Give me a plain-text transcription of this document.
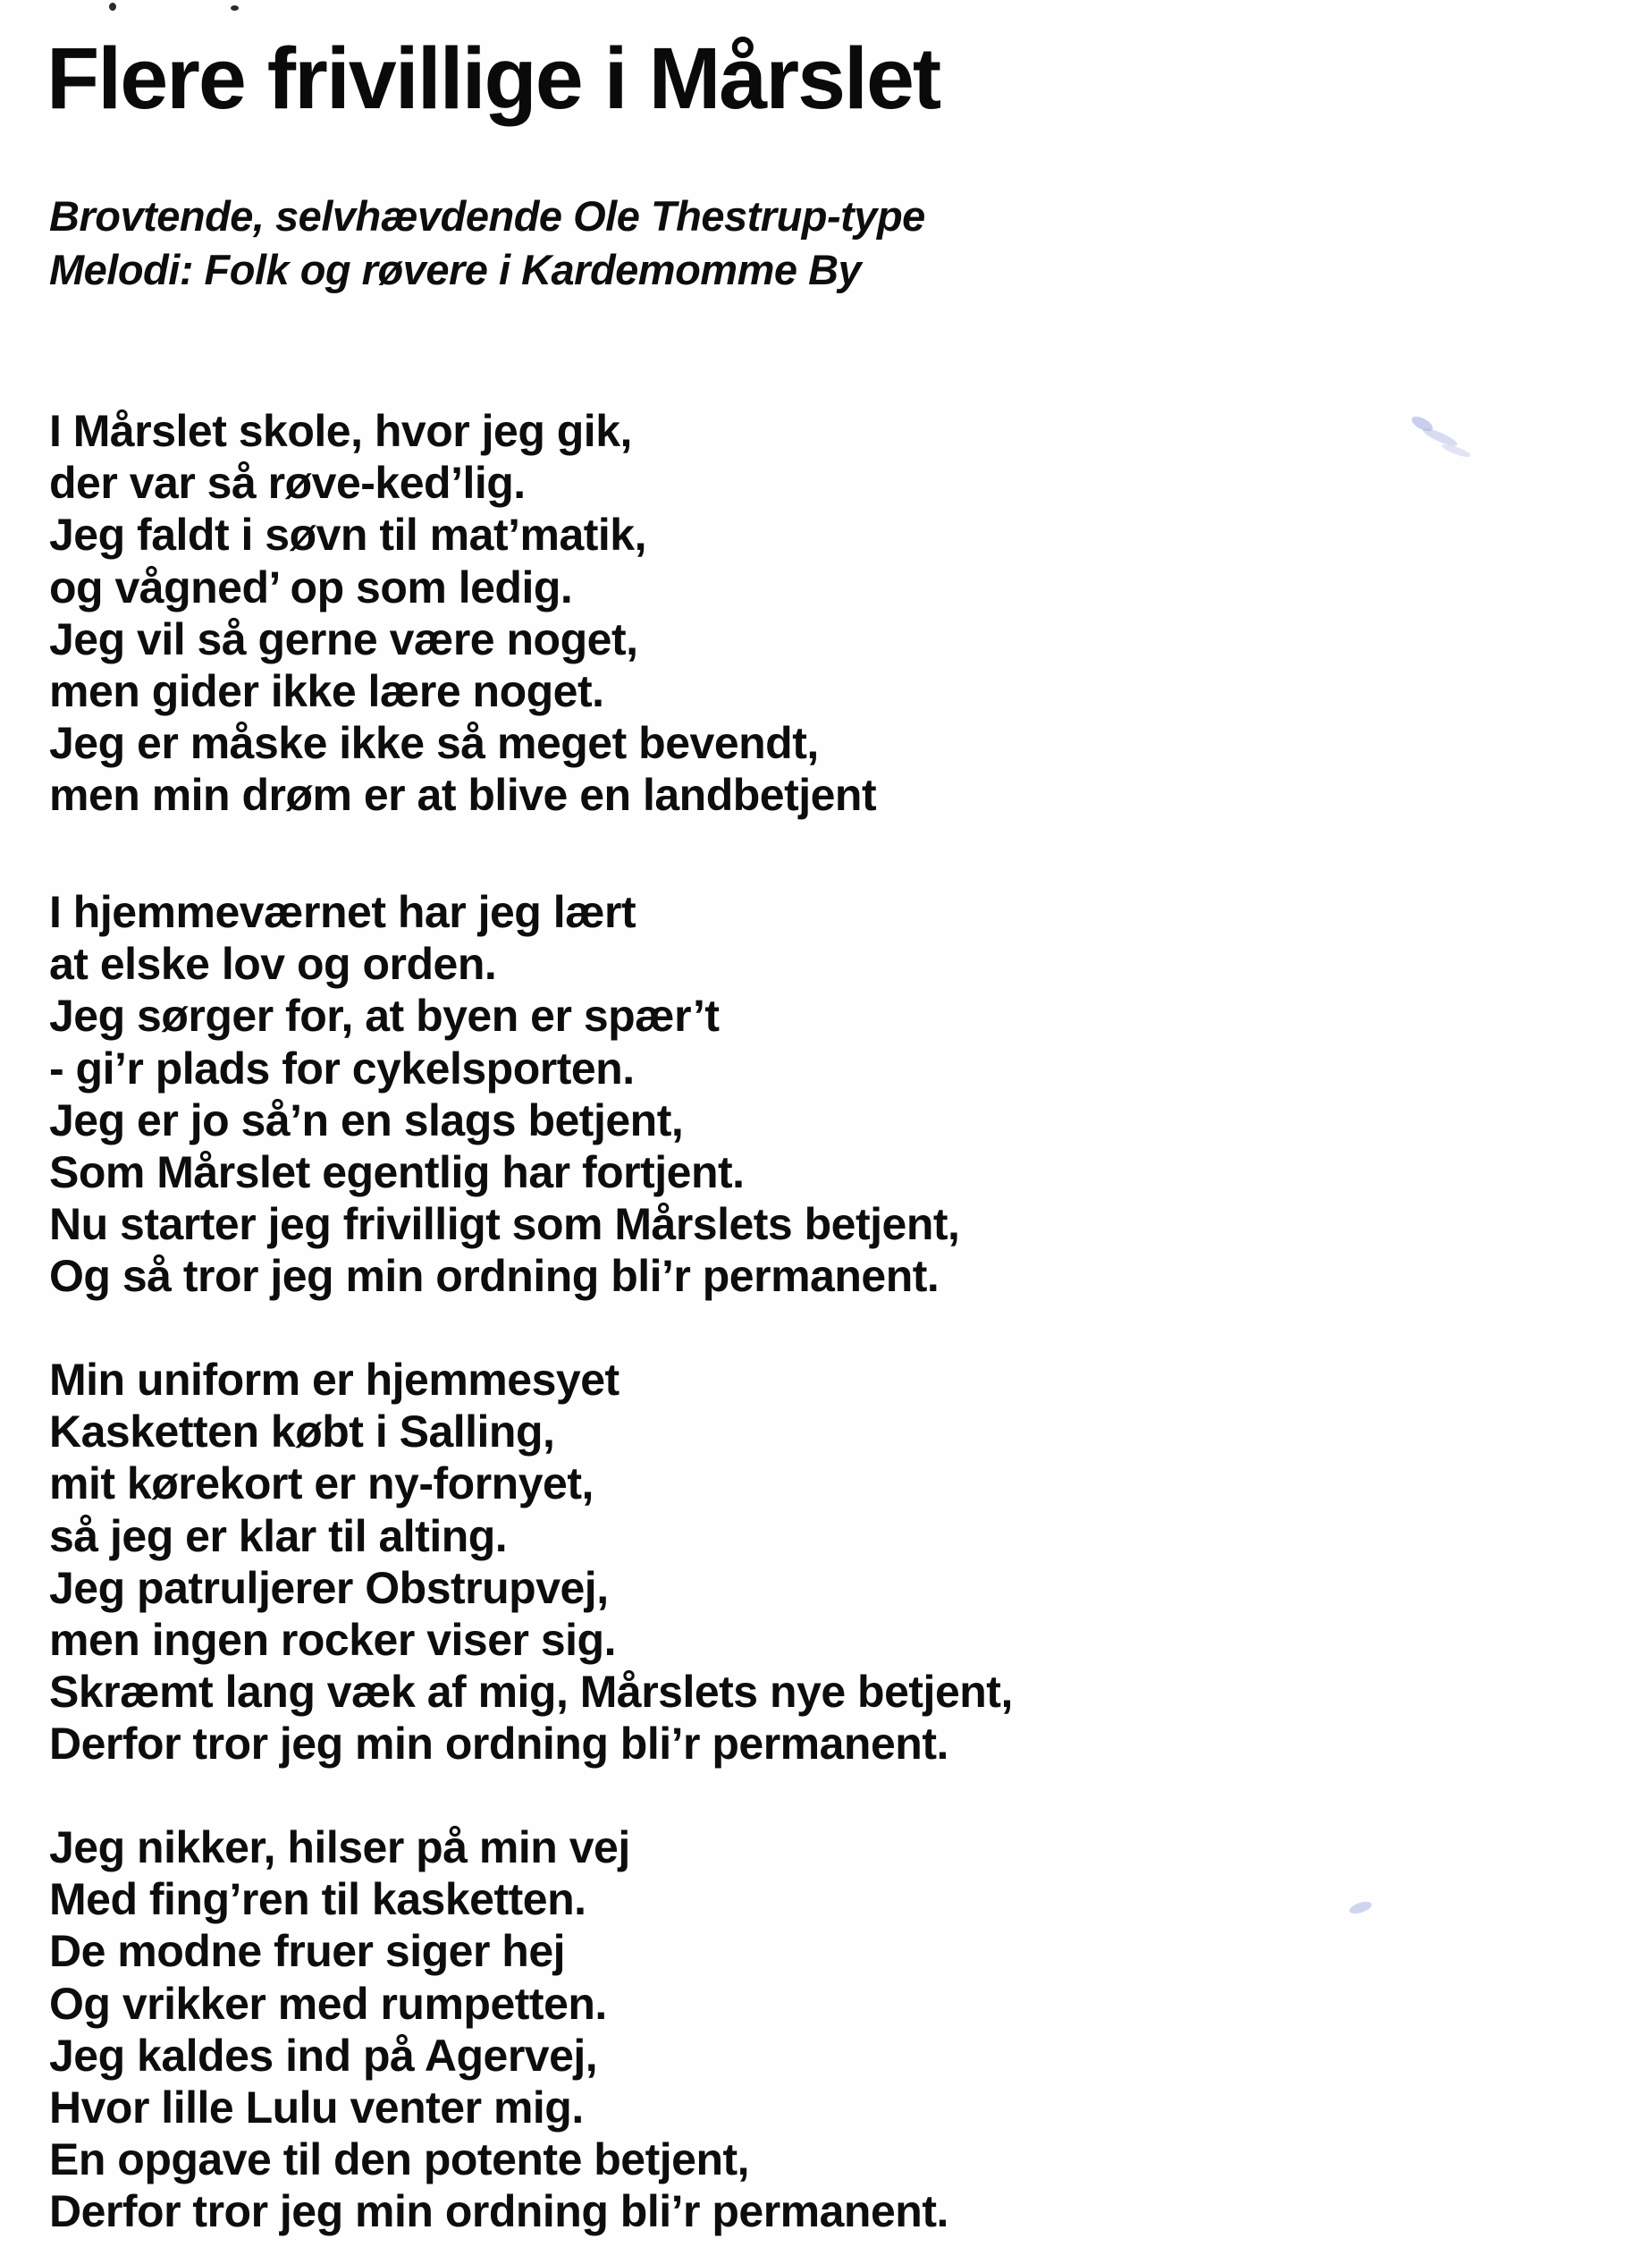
Flere frivillige i Mårslet
Brovtende, selvhævdende Ole Thestrup-type
Melodi: Folk og røvere i Kardemomme By
I Mårslet skole, hvor jeg gik,
der var så røve-ked’lig.
Jeg faldt i søvn til mat’matik,
og vågned’ op som ledig.
Jeg vil så gerne være noget,
men gider ikke lære noget.
Jeg er måske ikke så meget bevendt,
men min drøm er at blive en landbetjent
I hjemmeværnet har jeg lært
at elske lov og orden.
Jeg sørger for, at byen er spær’t
- gi’r plads for cykelsporten.
Jeg er jo så’n en slags betjent,
Som Mårslet egentlig har fortjent.
Nu starter jeg frivilligt som Mårslets betjent,
Og så tror jeg min ordning bli’r permanent.
Min uniform er hjemmesyet
Kasketten købt i Salling,
mit kørekort er ny-fornyet,
så jeg er klar til alting.
Jeg patruljerer Obstrupvej,
men ingen rocker viser sig.
Skræmt lang væk af mig, Mårslets nye betjent,
Derfor tror jeg min ordning bli’r permanent.
Jeg nikker, hilser på min vej
Med fing’ren til kasketten.
De modne fruer siger hej
Og vrikker med rumpetten.
Jeg kaldes ind på Agervej,
Hvor lille Lulu venter mig.
En opgave til den potente betjent,
Derfor tror jeg min ordning bli’r permanent.
